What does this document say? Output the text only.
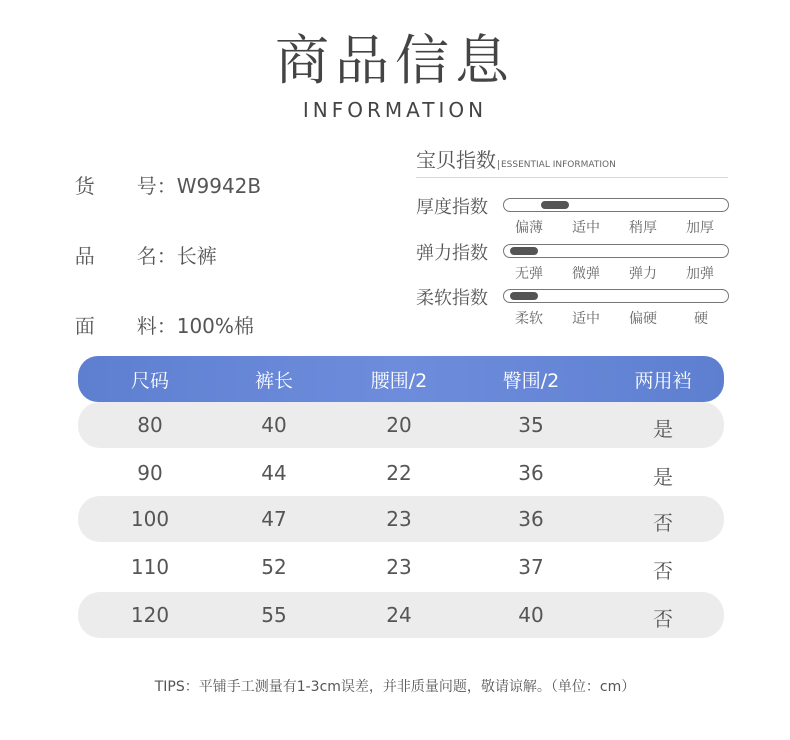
商品信息
INFORMATION

货 号：W9942B

品 名：长裤

面 料：100%棉

宝贝指数 ESSENTIAL INFORMATION
厚度指数
偏薄 适中 稍厚 加厚
弹力指数
无弹 微弹 弹力 加弹
柔软指数
柔软 适中 偏硬	硬
尺码	裤长	腰围/2	臀围/2	两用裆
80	40	20	35	是
90	44	22	36	是
100	47	23	36	否
110	52	23	37	否
120	55	24	40	否
TIPS：平铺手工测量有1-3cm误差，并非质量问题，敬请谅解。（单位：cm）
